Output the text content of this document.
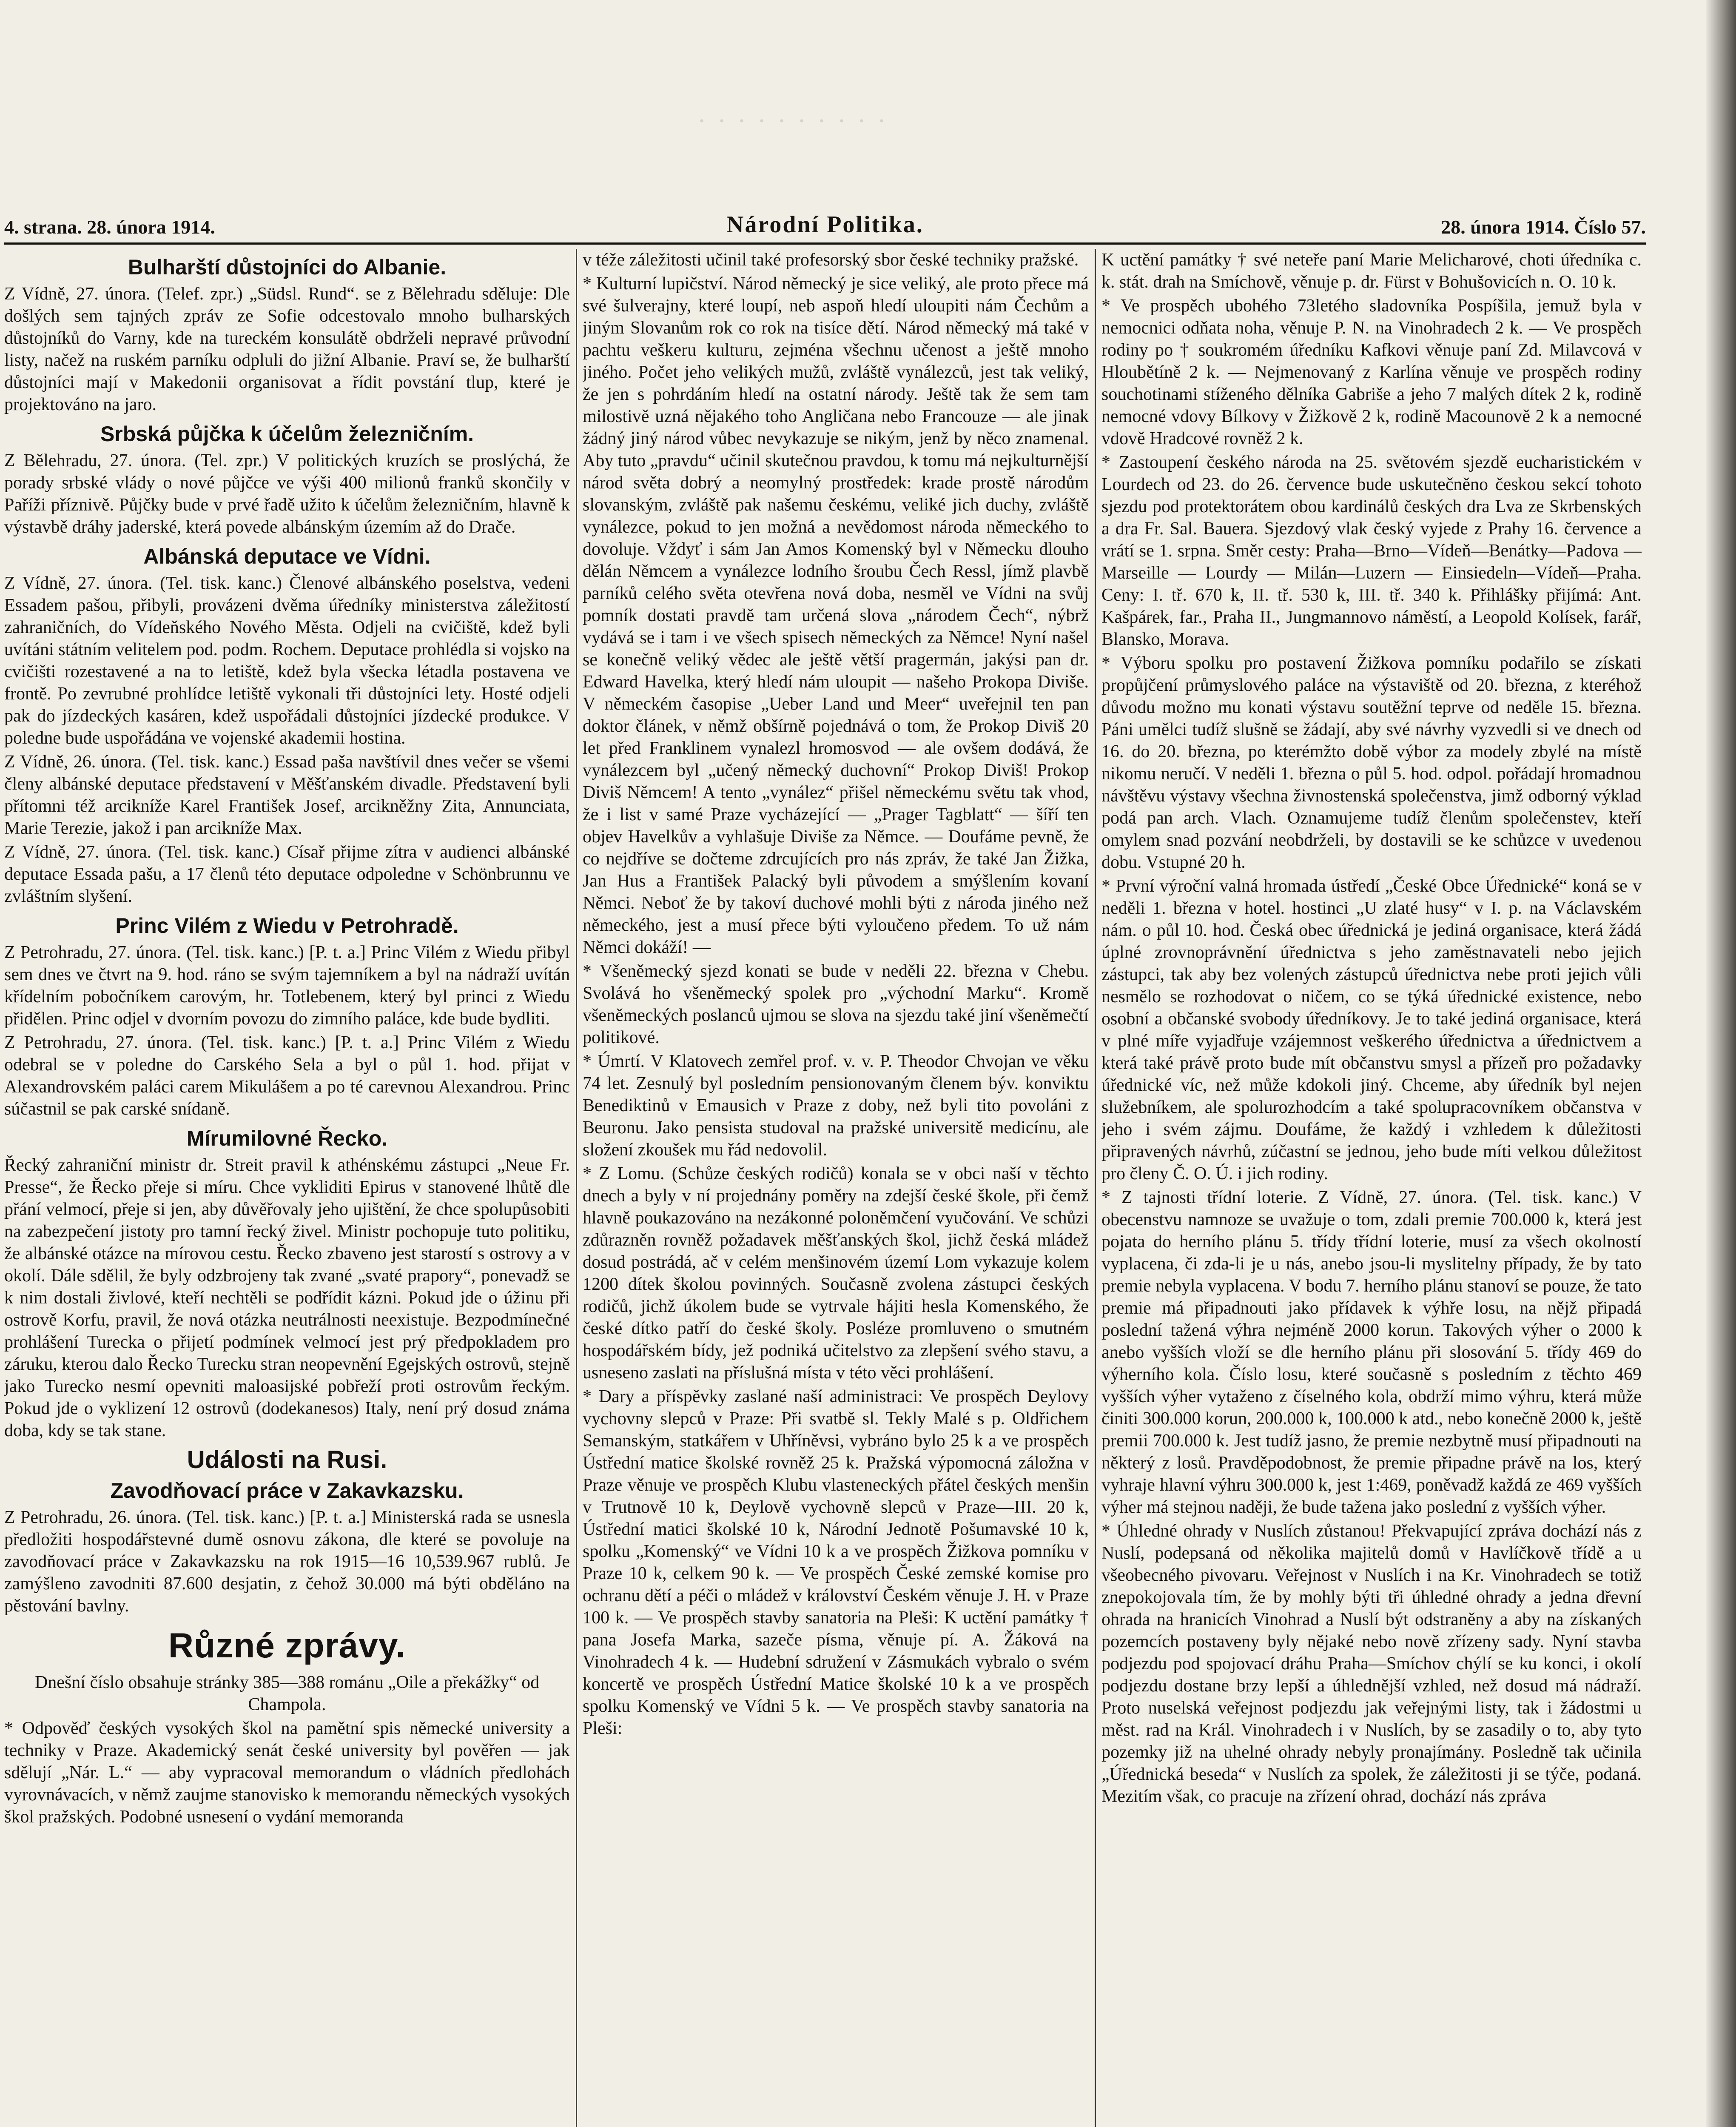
· · · · · · · · · ·
4. strana. 28. února 1914.	Národní Politika.	28. února 1914. Číslo 57.
Bulharští důstojníci do Albanie.

Z Vídně, 27. února. (Telef. zpr.) „Südsl. Rund“. se z Bělehradu sděluje: Dle došlých sem tajných zpráv ze Sofie odcestovalo mnoho bulharských důstojníků do Varny, kde na tureckém konsulátě obdrželi nepravé průvodní listy, načež na ruském parníku odpluli do jižní Albanie. Praví se, že bulharští důstojníci mají v Makedonii organisovat a řídit povstání tlup, které je projektováno na jaro.

Srbská půjčka k účelům železničním.

Z Bělehradu, 27. února. (Tel. zpr.) V politických kruzích se proslýchá, že porady srbské vlády o nové půjčce ve výši 400 milionů franků skončily v Paříži příznivě. Půjčky bude v prvé řadě užito k účelům železničním, hlavně k výstavbě dráhy jaderské, která povede albánským územím až do Drače.

Albánská deputace ve Vídni.

Z Vídně, 27. února. (Tel. tisk. kanc.) Členové albánského poselstva, vedeni Essadem pašou, přibyli, provázeni dvěma úředníky ministerstva záležitostí zahraničních, do Vídeňského Nového Města. Odjeli na cvičiště, kdež byli uvítáni státním velitelem pod. podm. Rochem. Deputace prohlédla si vojsko na cvičišti rozestavené a na to letiště, kdež byla všecka létadla postavena ve frontě. Po zevrubné prohlídce letiště vykonali tři důstojníci lety. Hosté odjeli pak do jízdeckých kasáren, kdež uspořádali důstojníci jízdecké produkce. V poledne bude uspořádána ve vojenské akademii hostina.

Z Vídně, 26. února. (Tel. tisk. kanc.) Essad paša navštívil dnes večer se všemi členy albánské deputace představení v Měšťanském divadle. Představení byli přítomni též arcikníže Karel František Josef, arcikněžny Zita, Annunciata, Marie Terezie, jakož i pan arcikníže Max.

Z Vídně, 27. února. (Tel. tisk. kanc.) Císař přijme zítra v audienci albánské deputace Essada pašu, a 17 členů této deputace odpoledne v Schönbrunnu ve zvláštním slyšení.

Princ Vilém z Wiedu v Petrohradě.

Z Petrohradu, 27. února. (Tel. tisk. kanc.) [P. t. a.] Princ Vilém z Wiedu přibyl sem dnes ve čtvrt na 9. hod. ráno se svým tajemníkem a byl na nádraží uvítán křídelním pobočníkem carovým, hr. Totlebenem, který byl princi z Wiedu přidělen. Princ odjel v dvorním povozu do zimního paláce, kde bude bydliti.

Z Petrohradu, 27. února. (Tel. tisk. kanc.) [P. t. a.] Princ Vilém z Wiedu odebral se v poledne do Carského Sela a byl o půl 1. hod. přijat v Alexandrovském paláci carem Mikulášem a po té carevnou Alexandrou. Princ súčastnil se pak carské snídaně.

Mírumilovné Řecko.

Řecký zahraniční ministr dr. Streit pravil k athénskému zástupci „Neue Fr. Presse“, že Řecko přeje si míru. Chce vykliditi Epirus v stanovené lhůtě dle přání velmocí, přeje si jen, aby důvěřovaly jeho ujištění, že chce spolupůsobiti na zabezpečení jistoty pro tamní řecký živel. Ministr pochopuje tuto politiku, že albánské otázce na mírovou cestu. Řecko zbaveno jest starostí s ostrovy a v okolí. Dále sdělil, že byly odzbrojeny tak zvané „svaté prapory“, ponevadž se k nim dostali živlové, kteří nechtěli se podřídit kázni. Pokud jde o úžinu při ostrově Korfu, pravil, že nová otázka neutrálnosti neexistuje. Bezpodmínečné prohlášení Turecka o přijetí podmínek velmocí jest prý předpokladem pro záruku, kterou dalo Řecko Turecku stran neopevnění Egejských ostrovů, stejně jako Turecko nesmí opevniti maloasijské pobřeží proti ostrovům řeckým. Pokud jde o vyklizení 12 ostrovů (dodekanesos) Italy, není prý dosud známa doba, kdy se tak stane.

Události na Rusi.
Zavodňovací práce v Zakavkazsku.

Z Petrohradu, 26. února. (Tel. tisk. kanc.) [P. t. a.] Ministerská rada se usnesla předložiti hospodářstevné dumě osnovu zákona, dle které se povoluje na zavodňovací práce v Zakavkazsku na rok 1915—16 10,539.967 rublů. Je zamýšleno zavodniti 87.600 desjatin, z čehož 30.000 má býti obděláno na pěstování bavlny.

Různé zprávy.

Dnešní číslo obsahuje stránky 385—388 románu „Oile a překážky“ od Champola.

* Odpověď českých vysokých škol na pamětní spis německé university a techniky v Praze. Akademický senát české university byl pověřen — jak sdělují „Nár. L.“ — aby vypracoval memorandum o vládních předlohách vyrovnávacích, v němž zaujme stanovisko k memorandu německých vysokých škol pražských. Podobné usnesení o vydání memoranda

v téže záležitosti učinil také profesorský sbor české techniky pražské.

* Kulturní lupičství. Národ německý je sice veliký, ale proto přece má své šulverajny, které loupí, neb aspoň hledí uloupiti nám Čechům a jiným Slovanům rok co rok na tisíce dětí. Národ německý má také v pachtu veškeru kulturu, zejména všechnu učenost a ještě mnoho jiného. Počet jeho velikých mužů, zvláště vynálezců, jest tak veliký, že jen s pohrdáním hledí na ostatní národy. Ještě tak že sem tam milostivě uzná nějakého toho Angličana nebo Francouze — ale jinak žádný jiný národ vůbec nevykazuje se nikým, jenž by něco znamenal. Aby tuto „pravdu“ učinil skutečnou pravdou, k tomu má nejkulturnější národ světa dobrý a neomylný prostředek: krade prostě národům slovanským, zvláště pak našemu českému, veliké jich duchy, zvláště vynálezce, pokud to jen možná a nevědomost národa německého to dovoluje. Vždyť i sám Jan Amos Komenský byl v Německu dlouho dělán Němcem a vynálezce lodního šroubu Čech Ressl, jímž plavbě parníků celého světa otevřena nová doba, nesměl ve Vídni na svůj pomník dostati pravdě tam určená slova „národem Čech“, nýbrž vydává se i tam i ve všech spisech německých za Němce! Nyní našel se konečně veliký vědec ale ještě větší pragermán, jakýsi pan dr. Edward Havelka, který hledí nám uloupit — našeho Prokopa Diviše. V německém časopise „Ueber Land und Meer“ uveřejnil ten pan doktor článek, v němž obšírně pojednává o tom, že Prokop Diviš 20 let před Franklinem vynalezl hromosvod — ale ovšem dodává, že vynálezcem byl „učený německý duchovní“ Prokop Diviš! Prokop Diviš Němcem! A tento „vynález“ přišel německému světu tak vhod, že i list v samé Praze vycházející — „Prager Tagblatt“ — šíří ten objev Havelkův a vyhlašuje Diviše za Němce. — Doufáme pevně, že co nejdříve se dočteme zdrcujících pro nás zpráv, že také Jan Žižka, Jan Hus a František Palacký byli původem a smýšlením kovaní Němci. Neboť že by takoví duchové mohli býti z národa jiného než německého, jest a musí přece býti vyloučeno předem. To už nám Němci dokáží! —

* Všeněmecký sjezd konati se bude v neděli 22. března v Chebu. Svolává ho všeněmecký spolek pro „východní Marku“. Kromě všeněmeckých poslanců ujmou se slova na sjezdu také jiní všeněmečtí politikové.

* Úmrtí. V Klatovech zemřel prof. v. v. P. Theodor Chvojan ve věku 74 let. Zesnulý byl posledním pensionovaným členem býv. konviktu Benediktinů v Emausich v Praze z doby, než byli tito povoláni z Beuronu. Jako pensista studoval na pražské universitě medicínu, ale složení zkoušek mu řád nedovolil.

* Z Lomu. (Schůze českých rodičů) konala se v obci naší v těchto dnech a byly v ní projednány poměry na zdejší české škole, při čemž hlavně poukazováno na nezákonné poloněmčení vyučování. Ve schůzi zdůrazněn rovněž požadavek měšťanských škol, jichž česká mládež dosud postrádá, ač v celém menšinovém území Lom vykazuje kolem 1200 dítek školou povinných. Současně zvolena zástupci českých rodičů, jichž úkolem bude se vytrvale hájiti hesla Komenského, že české dítko patří do české školy. Posléze promluveno o smutném hospodářském bídy, jež podniká učitelstvo za zlepšení svého stavu, a usneseno zaslati na příslušná místa v této věci prohlášení.

* Dary a příspěvky zaslané naší administraci: Ve prospěch Deylovy vychovny slepců v Praze: Při svatbě sl. Tekly Malé s p. Oldřichem Semanským, statkářem v Uhříněvsi, vybráno bylo 25 k a ve prospěch Ústřední matice školské rovněž 25 k. Pražská výpomocná záložna v Praze věnuje ve prospěch Klubu vlasteneckých přátel českých menšin v Trutnově 10 k, Deylově vychovně slepců v Praze—III. 20 k, Ústřední matici školské 10 k, Národní Jednotě Pošumavské 10 k, spolku „Komenský“ ve Vídni 10 k a ve prospěch Žižkova pomníku v Praze 10 k, celkem 90 k. — Ve prospěch České zemské komise pro ochranu dětí a péči o mládež v království Českém věnuje J. H. v Praze 100 k. — Ve prospěch stavby sanatoria na Pleši: K uctění památky † pana Josefa Marka, sazeče písma, věnuje pí. A. Žáková na Vinohradech 4 k. — Hudební sdružení v Zásmukách vybralo o svém koncertě ve prospěch Ústřední Matice školské 10 k a ve prospěch spolku Komenský ve Vídni 5 k. — Ve prospěch stavby sanatoria na Pleši:

K uctění památky † své neteře paní Marie Melicharové, choti úředníka c. k. stát. drah na Smíchově, věnuje p. dr. Fürst v Bohušovicích n. O. 10 k.

* Ve prospěch ubohého 73letého sladovníka Pospíšila, jemuž byla v nemocnici odňata noha, věnuje P. N. na Vinohradech 2 k. — Ve prospěch rodiny po † soukromém úředníku Kafkovi věnuje paní Zd. Milavcová v Hloubětíně 2 k. — Nejmenovaný z Karlína věnuje ve prospěch rodiny souchotinami stíženého dělníka Gabriše a jeho 7 malých dítek 2 k, rodině nemocné vdovy Bílkovy v Žižkově 2 k, rodině Macounově 2 k a nemocné vdově Hradcové rovněž 2 k.

* Zastoupení českého národa na 25. světovém sjezdě eucharistickém v Lourdech od 23. do 26. července bude uskutečněno českou sekcí tohoto sjezdu pod protektorátem obou kardinálů českých dra Lva ze Skrbenských a dra Fr. Sal. Bauera. Sjezdový vlak český vyjede z Prahy 16. července a vrátí se 1. srpna. Směr cesty: Praha—Brno—Vídeň—Benátky—Padova — Marseille — Lourdy — Milán—Luzern — Einsiedeln—Vídeň—Praha. Ceny: I. tř. 670 k, II. tř. 530 k, III. tř. 340 k. Přihlášky přijímá: Ant. Kašpárek, far., Praha II., Jungmannovo náměstí, a Leopold Kolísek, farář, Blansko, Morava.

* Výboru spolku pro postavení Žižkova pomníku podařilo se získati propůjčení průmyslového paláce na výstaviště od 20. března, z kteréhož důvodu možno mu konati výstavu soutěžní teprve od neděle 15. března. Páni umělci tudíž slušně se žádají, aby své návrhy vyzvedli si ve dnech od 16. do 20. března, po kterémžto době výbor za modely zbylé na místě nikomu neručí. V neděli 1. března o půl 5. hod. odpol. pořádají hromadnou návštěvu výstavy všechna živnostenská společenstva, jimž odborný výklad podá pan arch. Vlach. Oznamujeme tudíž členům společenstev, kteří omylem snad pozvání neobdrželi, by dostavili se ke schůzce v uvedenou dobu. Vstupné 20 h.

* První výroční valná hromada ústředí „České Obce Úřednické“ koná se v neděli 1. března v hotel. hostinci „U zlaté husy“ v I. p. na Václavském nám. o půl 10. hod. Česká obec úřednická je jediná organisace, která žádá úplné zrovnoprávnění úřednictva s jeho zaměstnavateli nebo jejich zástupci, tak aby bez volených zástupců úřednictva nebe proti jejich vůli nesmělo se rozhodovat o ničem, co se týká úřednické existence, nebo osobní a občanské svobody úředníkovy. Je to také jediná organisace, která v plné míře vyjadřuje vzájemnost veškerého úřednictva a úřednictvem a která také právě proto bude mít občanstvu smysl a přízeň pro požadavky úřednické víc, než může kdokoli jiný. Chceme, aby úředník byl nejen služebníkem, ale spolurozhodcím a také spolupracovníkem občanstva v jeho i svém zájmu. Doufáme, že každý i vzhledem k důležitosti připravených návrhů, zúčastní se jednou, jeho bude míti velkou důležitost pro členy Č. O. Ú. i jich rodiny.

* Z tajnosti třídní loterie. Z Vídně, 27. února. (Tel. tisk. kanc.) V obecenstvu namnoze se uvažuje o tom, zdali premie 700.000 k, která jest pojata do herního plánu 5. třídy třídní loterie, musí za všech okolností vyplacena, či zda-li je u nás, anebo jsou-li myslitelny případy, že by tato premie nebyla vyplacena. V bodu 7. herního plánu stanoví se pouze, že tato premie má připadnouti jako přídavek k výhře losu, na nějž připadá poslední tažená výhra nejméně 2000 korun. Takových výher o 2000 k anebo vyšších vloží se dle herního plánu při slosování 5. třídy 469 do výherního kola. Číslo losu, které současně s posledním z těchto 469 vyšších výher vytaženo z číselného kola, obdrží mimo výhru, která může činiti 300.000 korun, 200.000 k, 100.000 k atd., nebo konečně 2000 k, ještě premii 700.000 k. Jest tudíž jasno, že premie nezbytně musí připadnouti na některý z losů. Pravděpodobnost, že premie připadne právě na los, který vyhraje hlavní výhru 300.000 k, jest 1:469, poněvadž každá ze 469 vyšších výher má stejnou naději, že bude tažena jako poslední z vyšších výher.

* Úhledné ohrady v Nuslích zůstanou! Překvapující zpráva dochází nás z Nuslí, podepsaná od několika majitelů domů v Havlíčkově třídě a u všeobecného pivovaru. Veřejnost v Nuslích i na Kr. Vinohradech se totiž znepokojovala tím, že by mohly býti tři úhledné ohrady a jedna dřevní ohrada na hranicích Vinohrad a Nuslí být odstraněny a aby na získaných pozemcích postaveny byly nějaké nebo nově zřízeny sady. Nyní stavba podjezdu pod spojovací dráhu Praha—Smíchov chýlí se ku konci, i okolí podjezdu dostane brzy lepší a úhlednější vzhled, než dosud má nádraží. Proto nuselská veřejnost podjezdu jak veřejnými listy, tak i žádostmi u měst. rad na Král. Vinohradech i v Nuslích, by se zasadily o to, aby tyto pozemky již na uhelné ohrady nebyly pronajímány. Posledně tak učinila „Úřednická beseda“ v Nuslích za spolek, že záležitosti ji se týče, podaná. Mezitím však, co pracuje na zřízení ohrad, dochází nás zpráva
